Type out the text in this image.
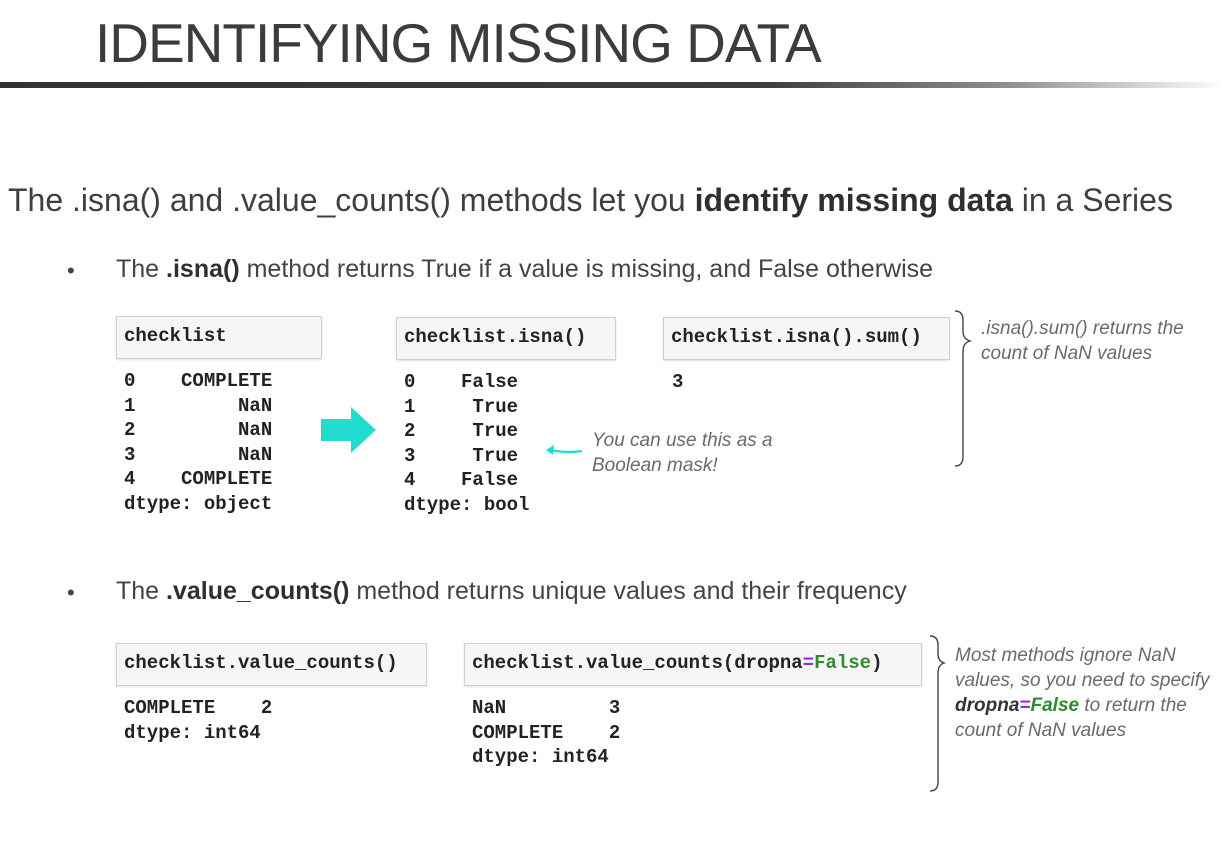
IDENTIFYING MISSING DATA
The .isna() and .value_counts() methods let you identify missing data in a Series
• The .isna() method returns True if a value is missing, and False otherwise
checklist
0    COMPLETE
1         NaN
2         NaN
3         NaN
4    COMPLETE
dtype: object
checklist.isna()
0    False
1     True
2     True
3     True
4    False
dtype: bool
You can use this as a
Boolean mask!
checklist.isna().sum()
3
.isna().sum() returns the
count of NaN values
• The .value_counts() method returns unique values and their frequency
checklist.value_counts()
COMPLETE    2
dtype: int64
checklist.value_counts(dropna=False)
NaN         3
COMPLETE    2
dtype: int64
Most methods ignore NaN
values, so you need to specify
dropna=False to return the
count of NaN values
